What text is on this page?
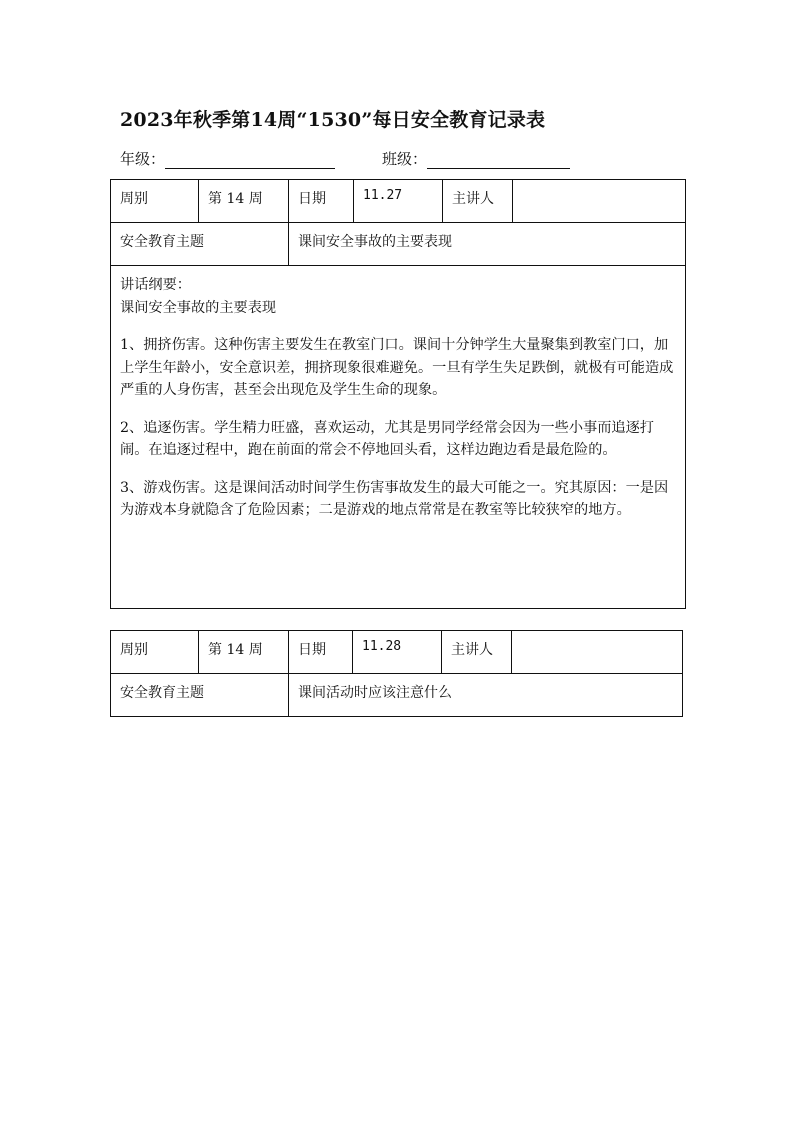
2023年秋季第14周“1530”每日安全教育记录表
年级：	班级：
周别	第 14 周	日期	11.27	主讲人	
安全教育主题		课间安全事故的主要表现			

讲话纲要：

课间安全事故的主要表现

1、拥挤伤害。这种伤害主要发生在教室门口。课间十分钟学生大量聚集到教室门口，加上学生年龄小，安全意识差，拥挤现象很难避免。一旦有学生失足跌倒，就极有可能造成严重的人身伤害，甚至会出现危及学生生命的现象。

2、追逐伤害。学生精力旺盛，喜欢运动，尤其是男同学经常会因为一些小事而追逐打闹。在追逐过程中，跑在前面的常会不停地回头看，这样边跑边看是最危险的。

3、游戏伤害。这是课间活动时间学生伤害事故发生的最大可能之一。究其原因：一是因为游戏本身就隐含了危险因素；二是游戏的地点常常是在教室等比较狭窄的地方。					

周别	第 14 周	日期	11.28	主讲人	
安全教育主题		课间活动时应该注意什么			
